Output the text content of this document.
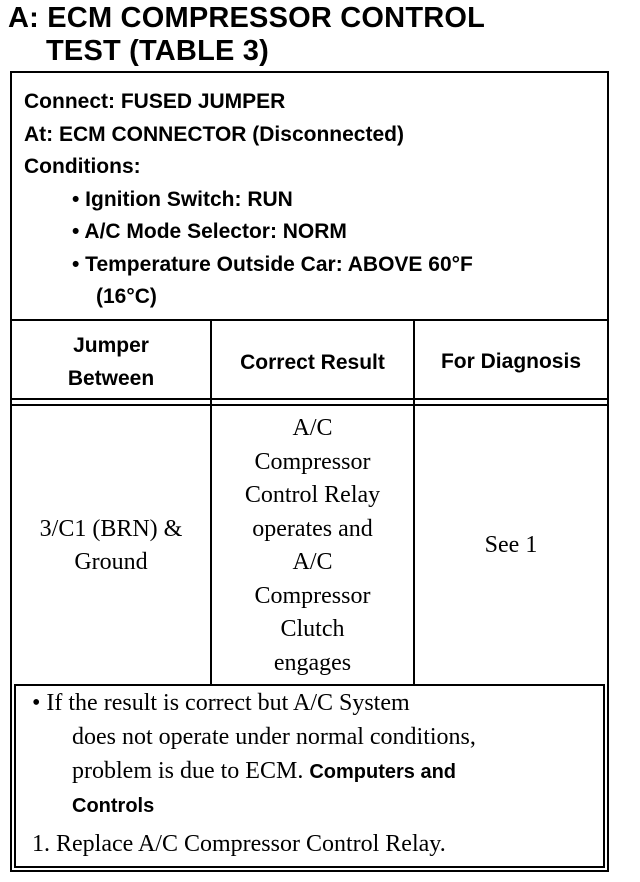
A: ECM COMPRESSOR CONTROL
TEST (TABLE 3)
Connect: FUSED JUMPER
At: ECM CONNECTOR (Disconnected)
Conditions:
• Ignition Switch: RUN
• A/C Mode Selector: NORM
• Temperature Outside Car: ABOVE 60°F
(16°C)
Jumper
Between
Correct Result	For Diagnosis
3/C1 (BRN) &
Ground
A/C
Compressor
Control Relay
operates and
A/C
Compressor
Clutch
engages
See 1
• If the result is correct but A/C System
does not operate under normal conditions,
problem is due to ECM. Computers and
Controls
1. Replace A/C Compressor Control Relay.
